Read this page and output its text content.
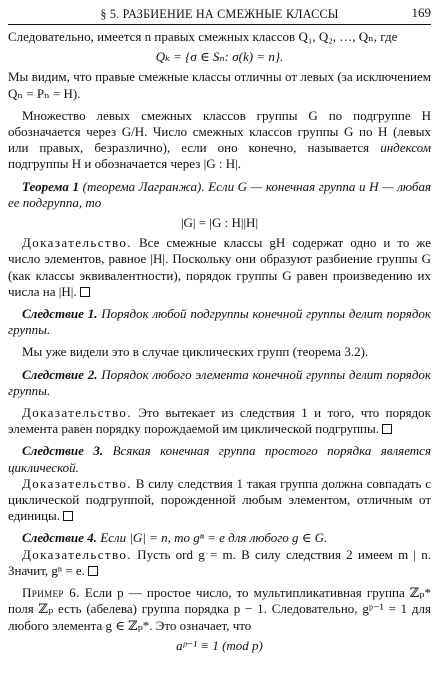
§ 5. РАЗБИЕНИЕ НА СМЕЖНЫЕ КЛАССЫ	169

Следовательно, имеется n правых смежных классов Q₁, Q₂, …, Qₙ, где

Qₖ = {σ ∈ Sₙ: σ(k) = n}.

Мы видим, что правые смежные классы отличны от левых (за исключением Qₙ = Pₙ = H).

Множество левых смежных классов группы G по подгруппе H обозначается через G/H. Число смежных классов группы G по H (левых или правых, безразлично), если оно конечно, называется индексом подгруппы H и обозначается через |G : H|.

Теорема 1 (теорема Лагранжа). Если G — конечная группа и H — любая ее подгруппа, то

|G| = |G : H||H|

Доказательство. Все смежные классы gH содержат одно и то же число элементов, равное |H|. Поскольку они образуют разбиение группы G (как классы эквивалентности), порядок группы G равен произведению их числа на |H|.

Следствие 1. Порядок любой подгруппы конечной группы делит порядок группы.

Мы уже видели это в случае циклических групп (теорема 3.2).

Следствие 2. Порядок любого элемента конечной группы делит порядок группы.

Доказательство. Это вытекает из следствия 1 и того, что порядок элемента равен порядку порождаемой им циклической подгруппы.

Следствие 3. Всякая конечная группа простого порядка является циклической.

Доказательство. В силу следствия 1 такая группа должна совпадать с циклической подгруппой, порожденной любым элементом, отличным от единицы.

Следствие 4. Если |G| = n, то gⁿ = e для любого g ∈ G.

Доказательство. Пусть ord g = m. В силу следствия 2 имеем m | n. Значит, gⁿ = e.

Пример 6. Если p — простое число, то мультипликативная группа ℤₚ* поля ℤₚ есть (абелева) группа порядка p − 1. Следовательно, gᵖ⁻¹ = 1 для любого элемента g ∈ ℤₚ*. Это означает, что

aᵖ⁻¹ ≡ 1 (mod p)
